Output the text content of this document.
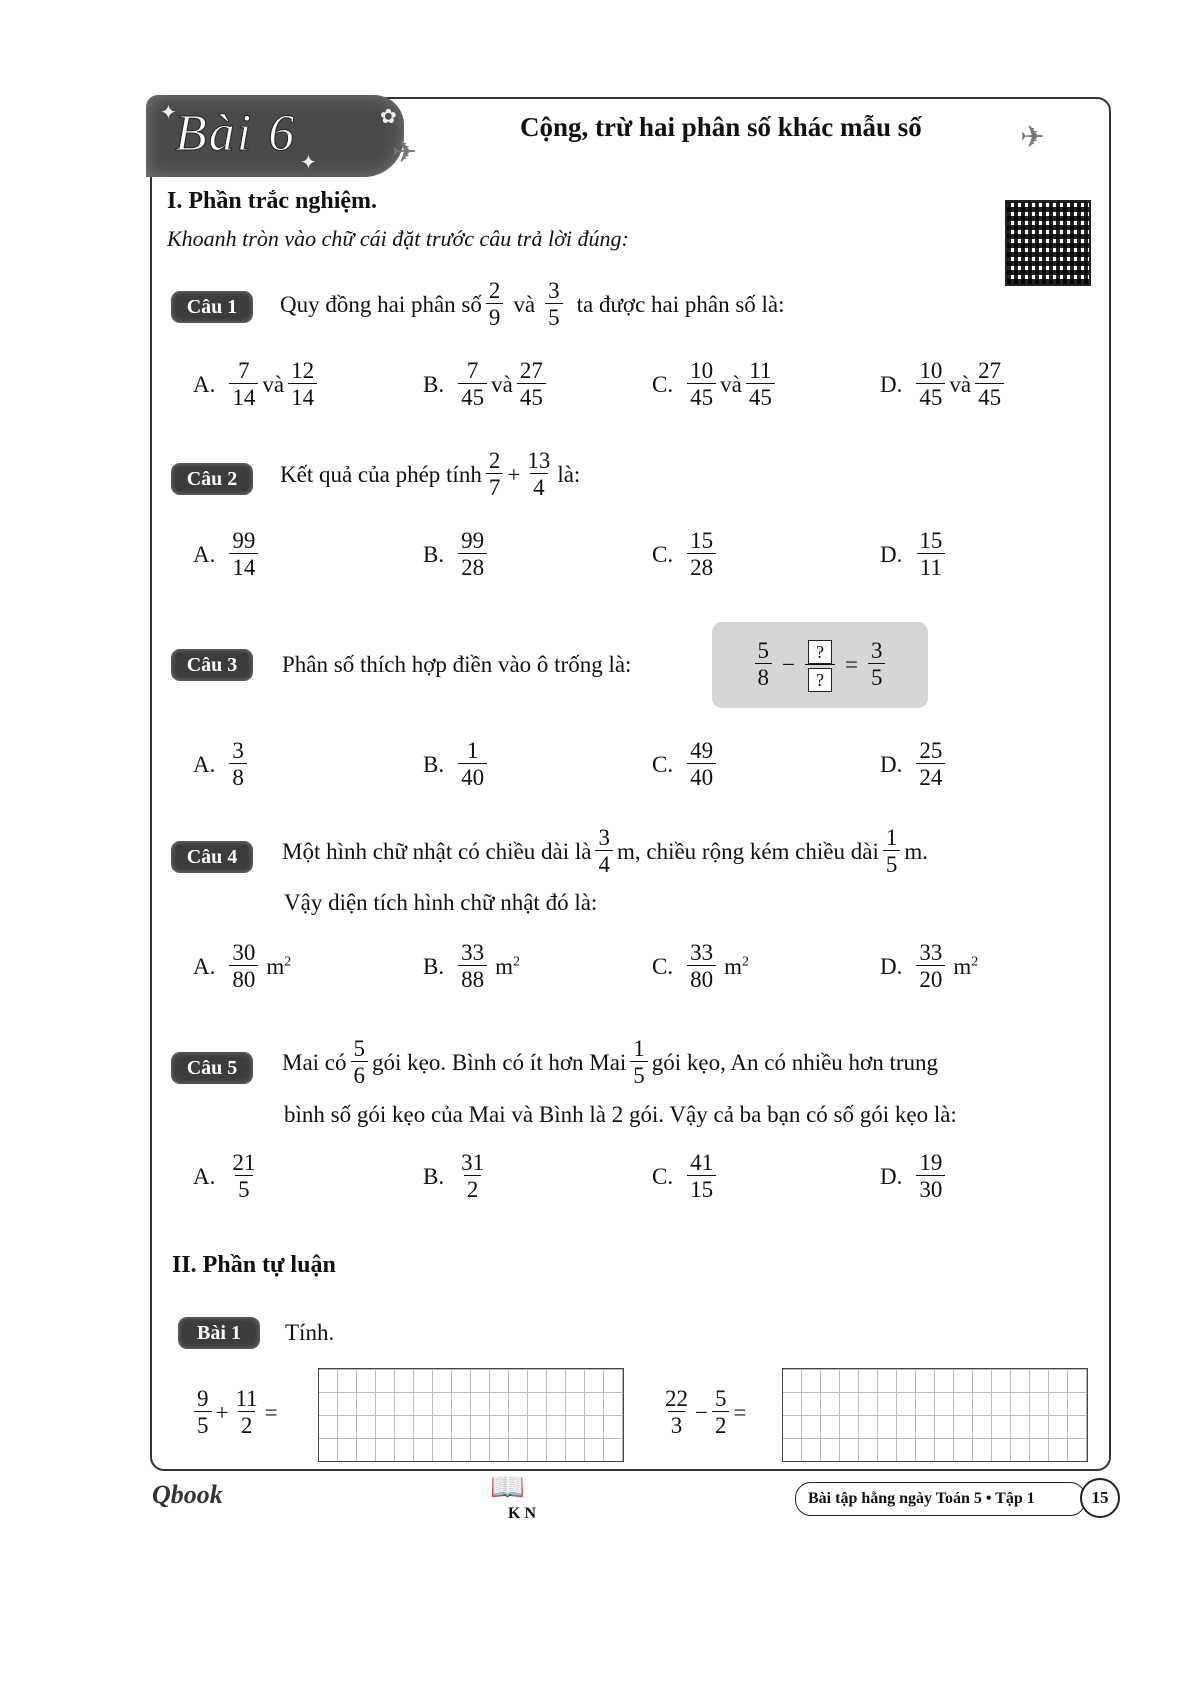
✦	✿
✦
Bài 6	✈
Cộng, trừ hai phân số khác mẫu số	✈
I. Phần trắc nghiệm.
Khoanh tròn vào chữ cái đặt trước câu trả lời đúng:
Câu 1	Quy đồng hai phân số $\frac{2}{9}$ và $\frac{3}{5}$ ta được hai phân số là:
A. $\frac{7}{14}$ và $\frac{12}{14}$	B. $\frac{7}{45}$ và $\frac{27}{45}$	C. $\frac{10}{45}$ và $\frac{11}{45}$	D. $\frac{10}{45}$ và $\frac{27}{45}$
Câu 2	Kết quả của phép tính $\frac{2}{7} + \frac{13}{4}$ là:
A. $\frac{99}{14}$	B. $\frac{99}{28}$	C. $\frac{15}{28}$	D. $\frac{15}{11}$
Câu 3	Phân số thích hợp điền vào ô trống là:	$\frac{5}{8} - \frac{?}{?} = \frac{3}{5}$
A. $\frac{3}{8}$	B. $\frac{1}{40}$	C. $\frac{49}{40}$	D. $\frac{25}{24}$
Câu 4	Một hình chữ nhật có chiều dài là $\frac{3}{4} m$, chiều rộng kém chiều dài $\frac{1}{5} m$.
Vậy diện tích hình chữ nhật đó là:
A. $\frac{30}{80} m^2$	B. $\frac{33}{88} m^2$	C. $\frac{33}{80} m^2$	D. $\frac{33}{20} m^2$
Câu 5	Mai có $\frac{5}{6}$ gói kẹo. Bình có ít hơn Mai $\frac{1}{5}$ gói kẹo, An có nhiều hơn trung
bình số gói kẹo của Mai và Bình là 2 gói. Vậy cả ba bạn có số gói kẹo là:
A. $\frac{21}{5}$	B. $\frac{31}{2}$	C. $\frac{41}{15}$	D. $\frac{19}{30}$
II. Phần tự luận
Bài 1	Tính.
$\frac{9}{5} + \frac{11}{2}$ =	$\frac{22}{3} - \frac{5}{2}$ =
Qbook
K N
📖	Bài tập hằng ngày Toán 5 • Tập 1	15
